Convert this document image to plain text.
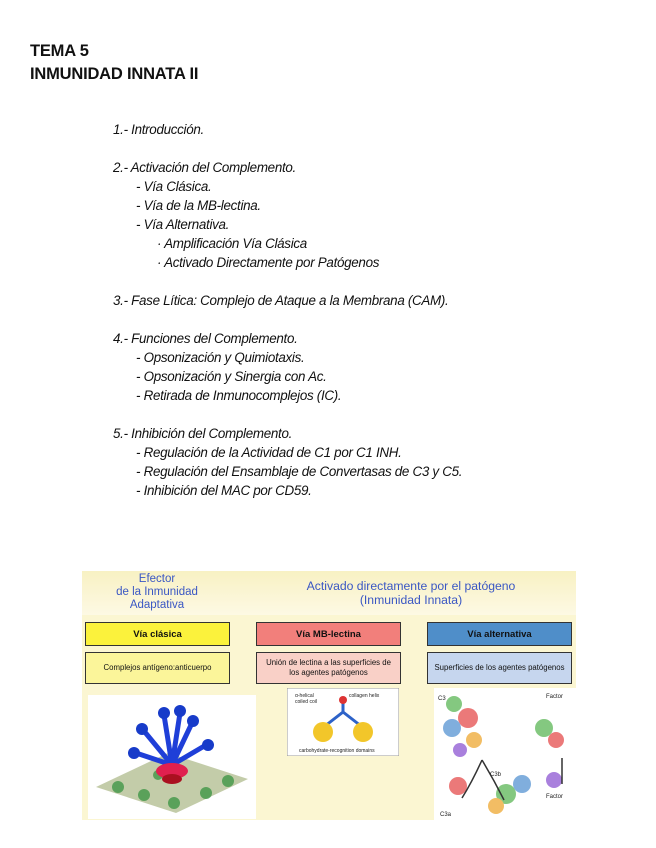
TEMA 5
INMUNIDAD INNATA II
1.- Introducción.
2.- Activación del Complemento.
- Vía Clásica.
- Vía de la MB-lectina.
- Vía Alternativa.
· Amplificación Vía Clásica
· Activado Directamente por Patógenos
3.- Fase Lítica: Complejo de Ataque a la Membrana (CAM).
4.- Funciones del Complemento.
- Opsonización y Quimiotaxis.
- Opsonización y Sinergia con Ac.
- Retirada de Inmunocomplejos (IC).
5.- Inhibición del Complemento.
- Regulación de la Actividad de C1 por C1 INH.
- Regulación del Ensamblaje de Convertasas de C3 y C5.
- Inhibición del MAC por CD59.
Efector
de la Inmunidad
Adaptativa
Activado directamente por el patógeno
(Inmunidad Innata)
Vía clásica	Vía MB-lectina	Vía alternativa
Complejos antígeno:anticuerpo
Unión de lectina a las superficies de los agentes patógenos
Superficies de los agentes patógenos
α-helical
coiled coil
collagen helix
carbohydrate-recognition domains
C3	Factor
C3a
C3b
Factor
